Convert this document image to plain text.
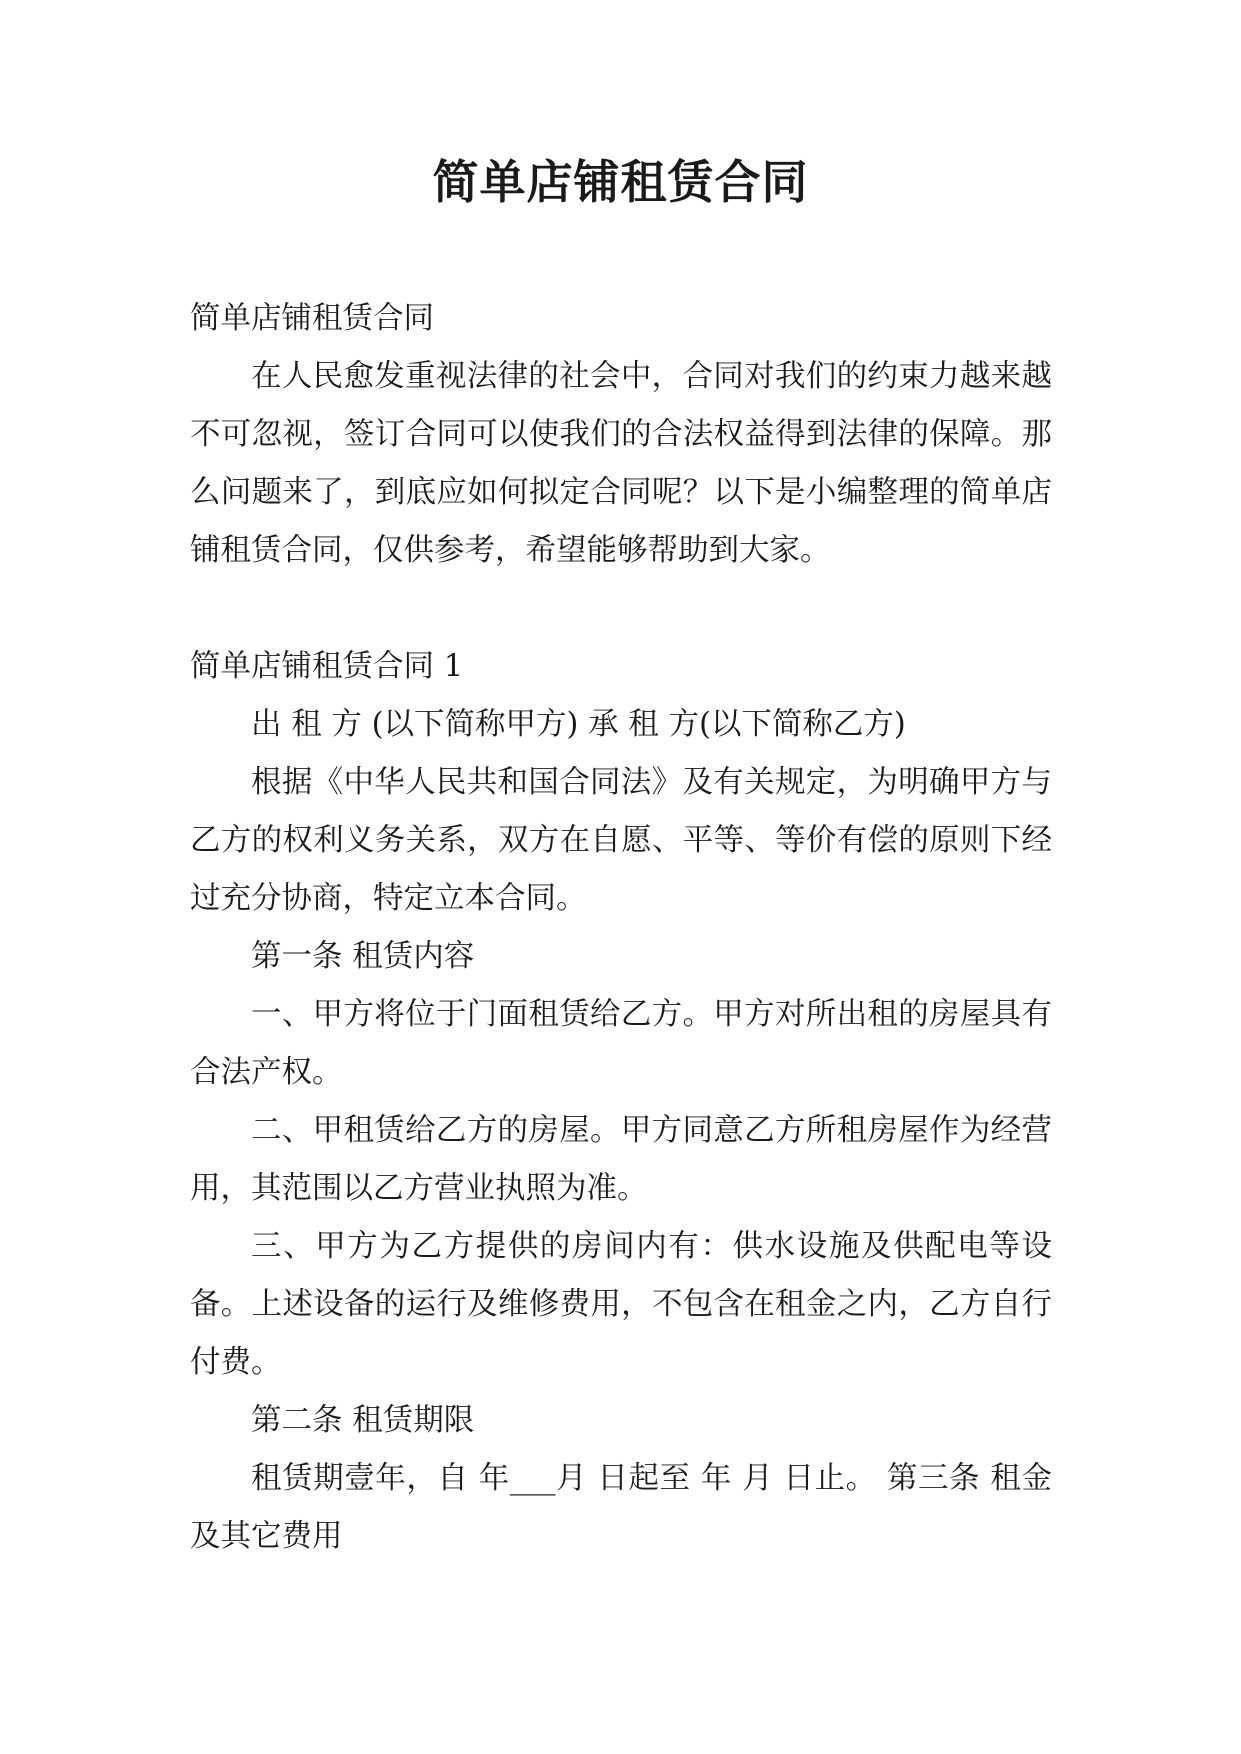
简单店铺租赁合同

简单店铺租赁合同

在人民愈发重视法律的社会中，合同对我们的约束力越来越不可忽视，签订合同可以使我们的合法权益得到法律的保障。那么问题来了，到底应如何拟定合同呢？以下是小编整理的简单店铺租赁合同，仅供参考，希望能够帮助到大家。

简单店铺租赁合同 1

出 租 方 (以下简称甲方) 承 租 方(以下简称乙方)

根据《中华人民共和国合同法》及有关规定，为明确甲方与乙方的权利义务关系，双方在自愿、平等、等价有偿的原则下经过充分协商，特定立本合同。

第一条 租赁内容

一、甲方将位于门面租赁给乙方。甲方对所出租的房屋具有合法产权。

二、甲租赁给乙方的房屋。甲方同意乙方所租房屋作为经营用，其范围以乙方营业执照为准。

三、甲方为乙方提供的房间内有：供水设施及供配电等设备。上述设备的运行及维修费用，不包含在租金之内，乙方自行付费。

第二条 租赁期限

租赁期壹年，自 年___月 日起至 年 月 日止。 第三条 租金及其它费用
